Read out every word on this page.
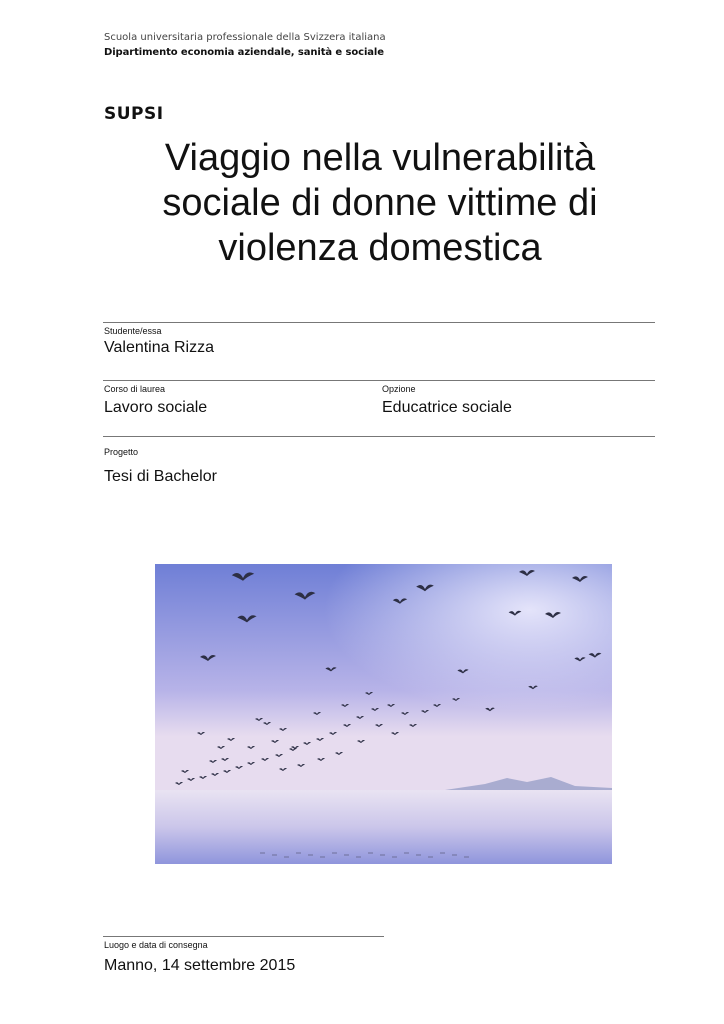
Scuola universitaria professionale della Svizzera italiana
Dipartimento economia aziendale, sanità e sociale
SUPSI
Viaggio nella vulnerabilità
sociale di donne vittime di
violenza domestica
Studente/essa
Valentina Rizza
Corso di laurea
Lavoro sociale
Opzione
Educatrice sociale
Progetto
Tesi di Bachelor
Luogo e data di consegna
Manno, 14 settembre 2015
